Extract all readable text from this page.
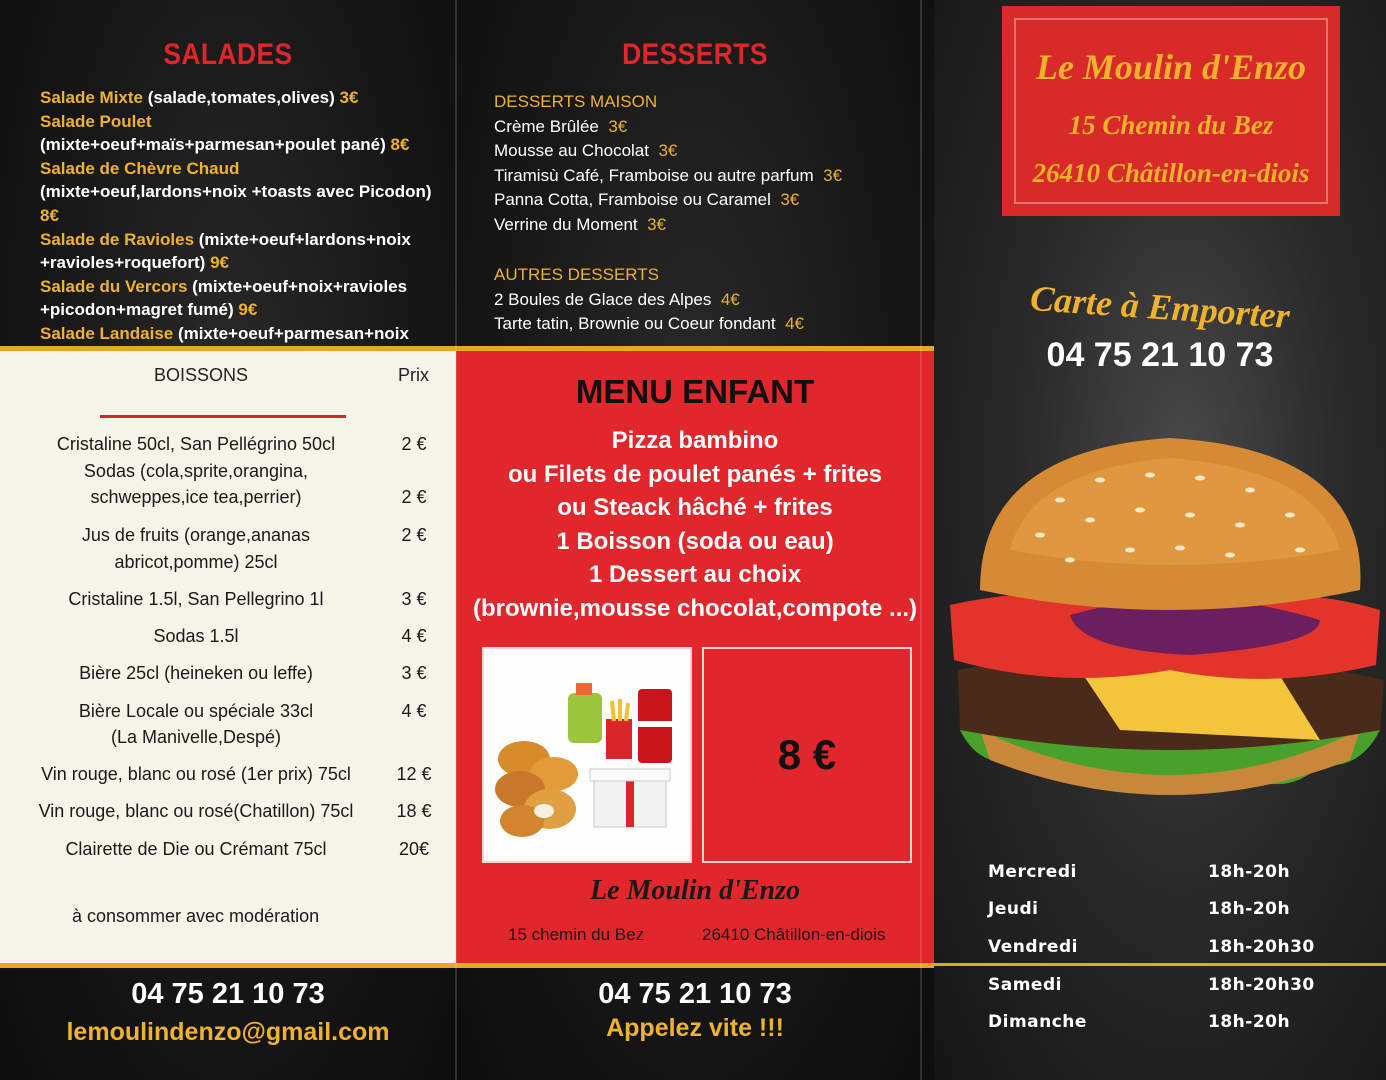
SALADES
Salade Mixte (salade,tomates,olives) 3€
Salade Poulet (mixte+oeuf+maïs+parmesan+poulet pané) 8€
Salade de Chèvre Chaud (mixte+oeuf,lardons+noix +toasts avec Picodon) 8€
Salade de Ravioles (mixte+oeuf+lardons+noix +ravioles+roquefort) 9€
Salade du Vercors (mixte+oeuf+noix+ravioles +picodon+magret fumé) 9€
Salade Landaise (mixte+oeuf+parmesan+noix
BOISSONS	Prix
Cristaline 50cl, San Pellégrino 50cl	2 €
Sodas (cola,sprite,orangina,
schweppes,ice tea,perrier)	2 €
Jus de fruits (orange,ananas	2 €
abricot,pomme) 25cl
Cristaline 1.5l, San Pellegrino 1l	3 €
Sodas 1.5l	4 €
Bière 25cl (heineken ou leffe)	3 €
Bière Locale ou spéciale 33cl	4 €
(La Manivelle,Despé)
Vin rouge, blanc ou rosé (1er prix) 75cl	12 €
Vin rouge, blanc ou rosé(Chatillon) 75cl	18 €
Clairette de Die ou Crémant 75cl	20€
à consommer avec modération
04 75 21 10 73
lemoulindenzo@gmail.com
DESSERTS
DESSERTS MAISON
Crème Brûlée 3€
Mousse au Chocolat 3€
Tiramisù Café, Framboise ou autre parfum 3€
Panna Cotta, Framboise ou Caramel 3€
Verrine du Moment 3€
AUTRES DESSERTS
2 Boules de Glace des Alpes 4€
Tarte tatin, Brownie ou Coeur fondant 4€
MENU ENFANT
Pizza bambino
ou Filets de poulet panés + frites
ou Steack hâché + frites
1 Boisson (soda ou eau)
1 Dessert au choix
(brownie,mousse chocolat,compote ...)
8 €
Le Moulin d'Enzo
15 chemin du Bez	26410 Châtillon-en-diois
04 75 21 10 73
Appelez vite !!!
Le Moulin d'Enzo
15 Chemin du Bez
26410 Châtillon-en-diois
Carte à Emporter
04 75 21 10 73
Mercredi	18h-20h
Jeudi	18h-20h
Vendredi	18h-20h30
Samedi	18h-20h30
Dimanche	18h-20h
